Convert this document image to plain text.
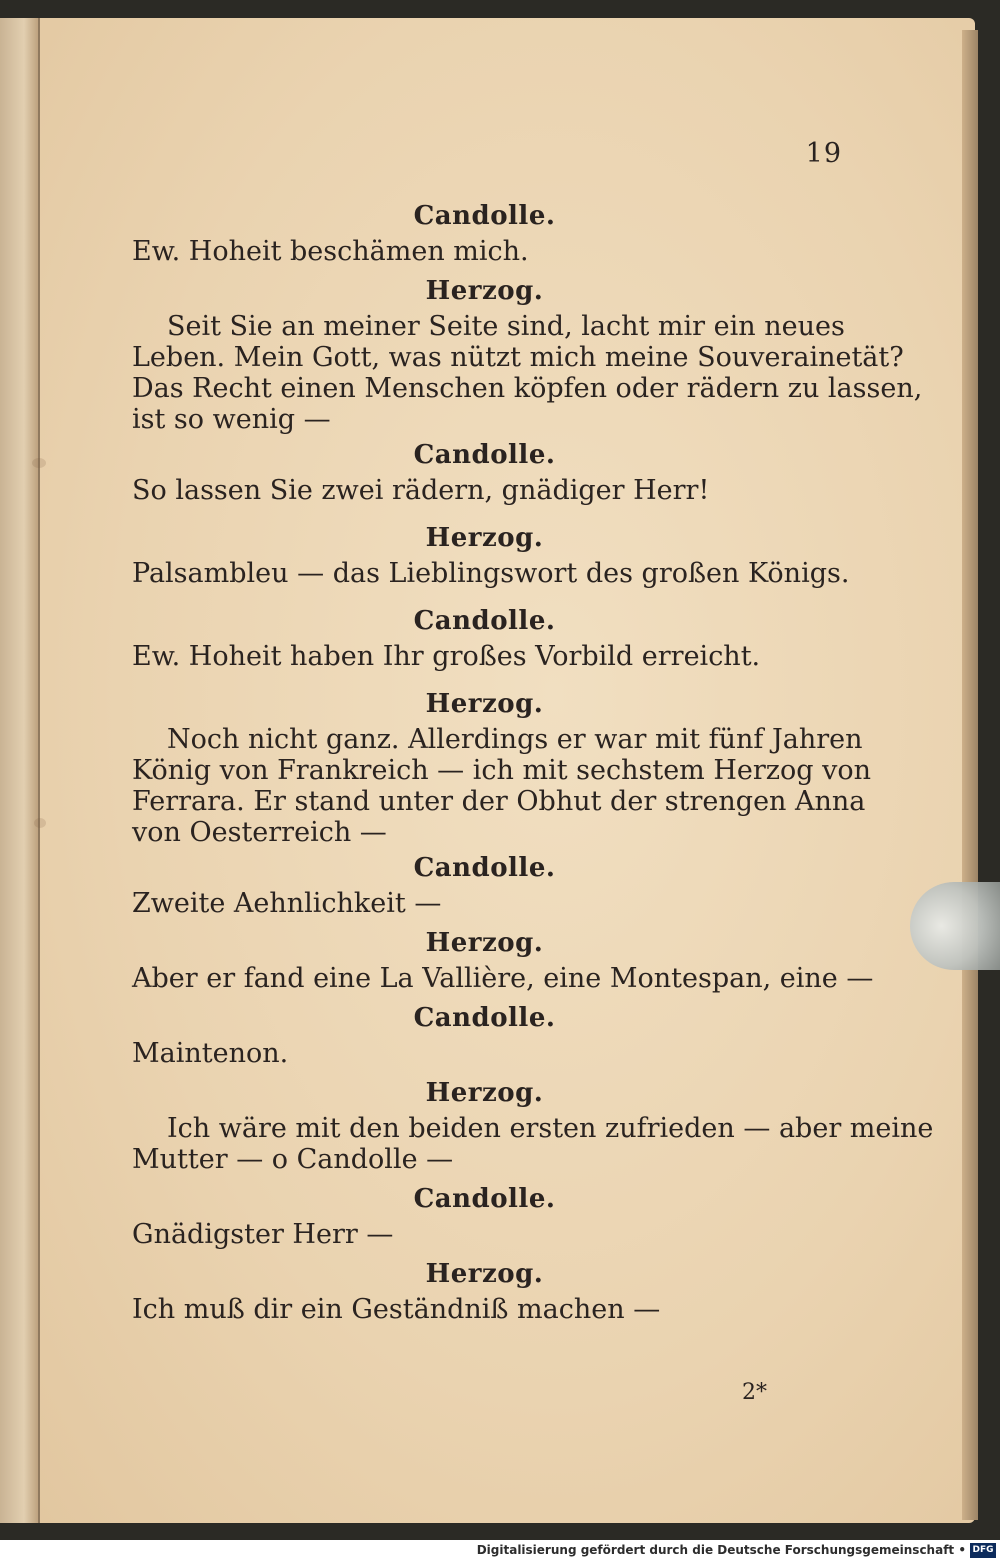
19
Candolle.
Ew. Hoheit beschämen mich.
Herzog.
Seit Sie an meiner Seite sind, lacht mir ein neues
Leben. Mein Gott, was nützt mich meine Souverainetät?
Das Recht einen Menschen köpfen oder rädern zu lassen,
ist so wenig —
Candolle.
So lassen Sie zwei rädern, gnädiger Herr!
Herzog.
Palsambleu — das Lieblingswort des großen Königs.
Candolle.
Ew. Hoheit haben Ihr großes Vorbild erreicht.
Herzog.
Noch nicht ganz. Allerdings er war mit fünf Jahren
König von Frankreich — ich mit sechstem Herzog von
Ferrara. Er stand unter der Obhut der strengen Anna
von Oesterreich —
Candolle.
Zweite Aehnlichkeit —
Herzog.
Aber er fand eine La Vallière, eine Montespan, eine —
Candolle.
Maintenon.
Herzog.
Ich wäre mit den beiden ersten zufrieden — aber meine
Mutter — o Candolle —
Candolle.
Gnädigster Herr —
Herzog.
Ich muß dir ein Geständniß machen —
2*
Digitalisierung gefördert durch die Deutsche Forschungsgemeinschaft • DFG
